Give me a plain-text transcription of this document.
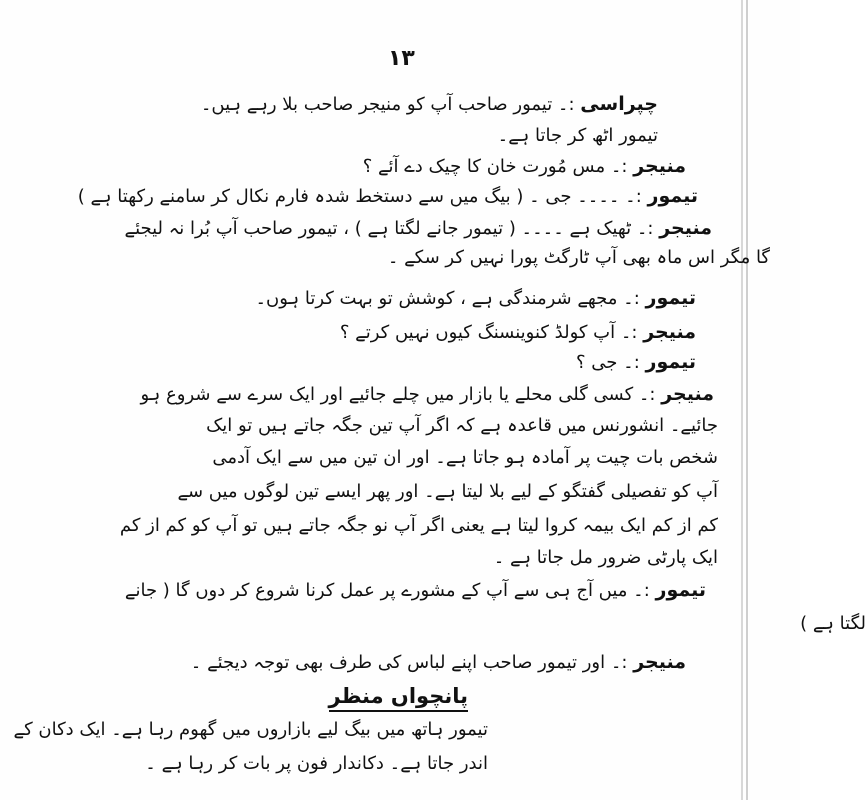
١٣
چپراسی :۔ تیمور صاحب آپ کو منیجر صاحب بلا رہے ہیں۔
تیمور اٹھ کر جاتا ہے۔
منیجر :۔ مس مُورت خان کا چیک دے آئے ؟
تیمور :۔ ۔۔۔۔ جی ۔ ( بیگ میں سے دستخط شدہ فارم نکال کر سامنے رکھتا ہے )
منیجر :۔ ٹھیک ہے ۔۔۔۔ ( تیمور جانے لگتا ہے ) ، تیمور صاحب آپ بُرا نہ لیجئے
گا مگر اس ماہ بھی آپ ٹارگٹ پورا نہیں کر سکے ۔
تیمور :۔ مجھے شرمندگی ہے ، کوشش تو بہت کرتا ہوں۔
منیجر :۔ آپ کولڈ کنوینسنگ کیوں نہیں کرتے ؟
تیمور :۔ جی ؟
منیجر :۔ کسی گلی محلے یا بازار میں چلے جائیے اور ایک سرے سے شروع ہو
جائیے۔ انشورنس میں قاعدہ ہے کہ اگر آپ تین جگہ جاتے ہیں تو ایک
شخص بات چیت پر آمادہ ہو جاتا ہے۔ اور ان تین میں سے ایک آدمی
آپ کو تفصیلی گفتگو کے لیے بلا لیتا ہے۔ اور پھر ایسے تین لوگوں میں سے
کم از کم ایک بیمہ کروا لیتا ہے یعنی اگر آپ نو جگہ جاتے ہیں تو آپ کو کم از کم
ایک پارٹی ضرور مل جاتا ہے ۔
تیمور :۔ میں آج ہی سے آپ کے مشورے پر عمل کرنا شروع کر دوں گا ( جانے
لگتا ہے )
منیجر :۔ اور تیمور صاحب اپنے لباس کی طرف بھی توجہ دیجئے ۔
پانچواں منظر
تیمور ہاتھ میں بیگ لیے بازاروں میں گھوم رہا ہے۔ ایک دکان کے
اندر جاتا ہے۔ دکاندار فون پر بات کر رہا ہے ۔
